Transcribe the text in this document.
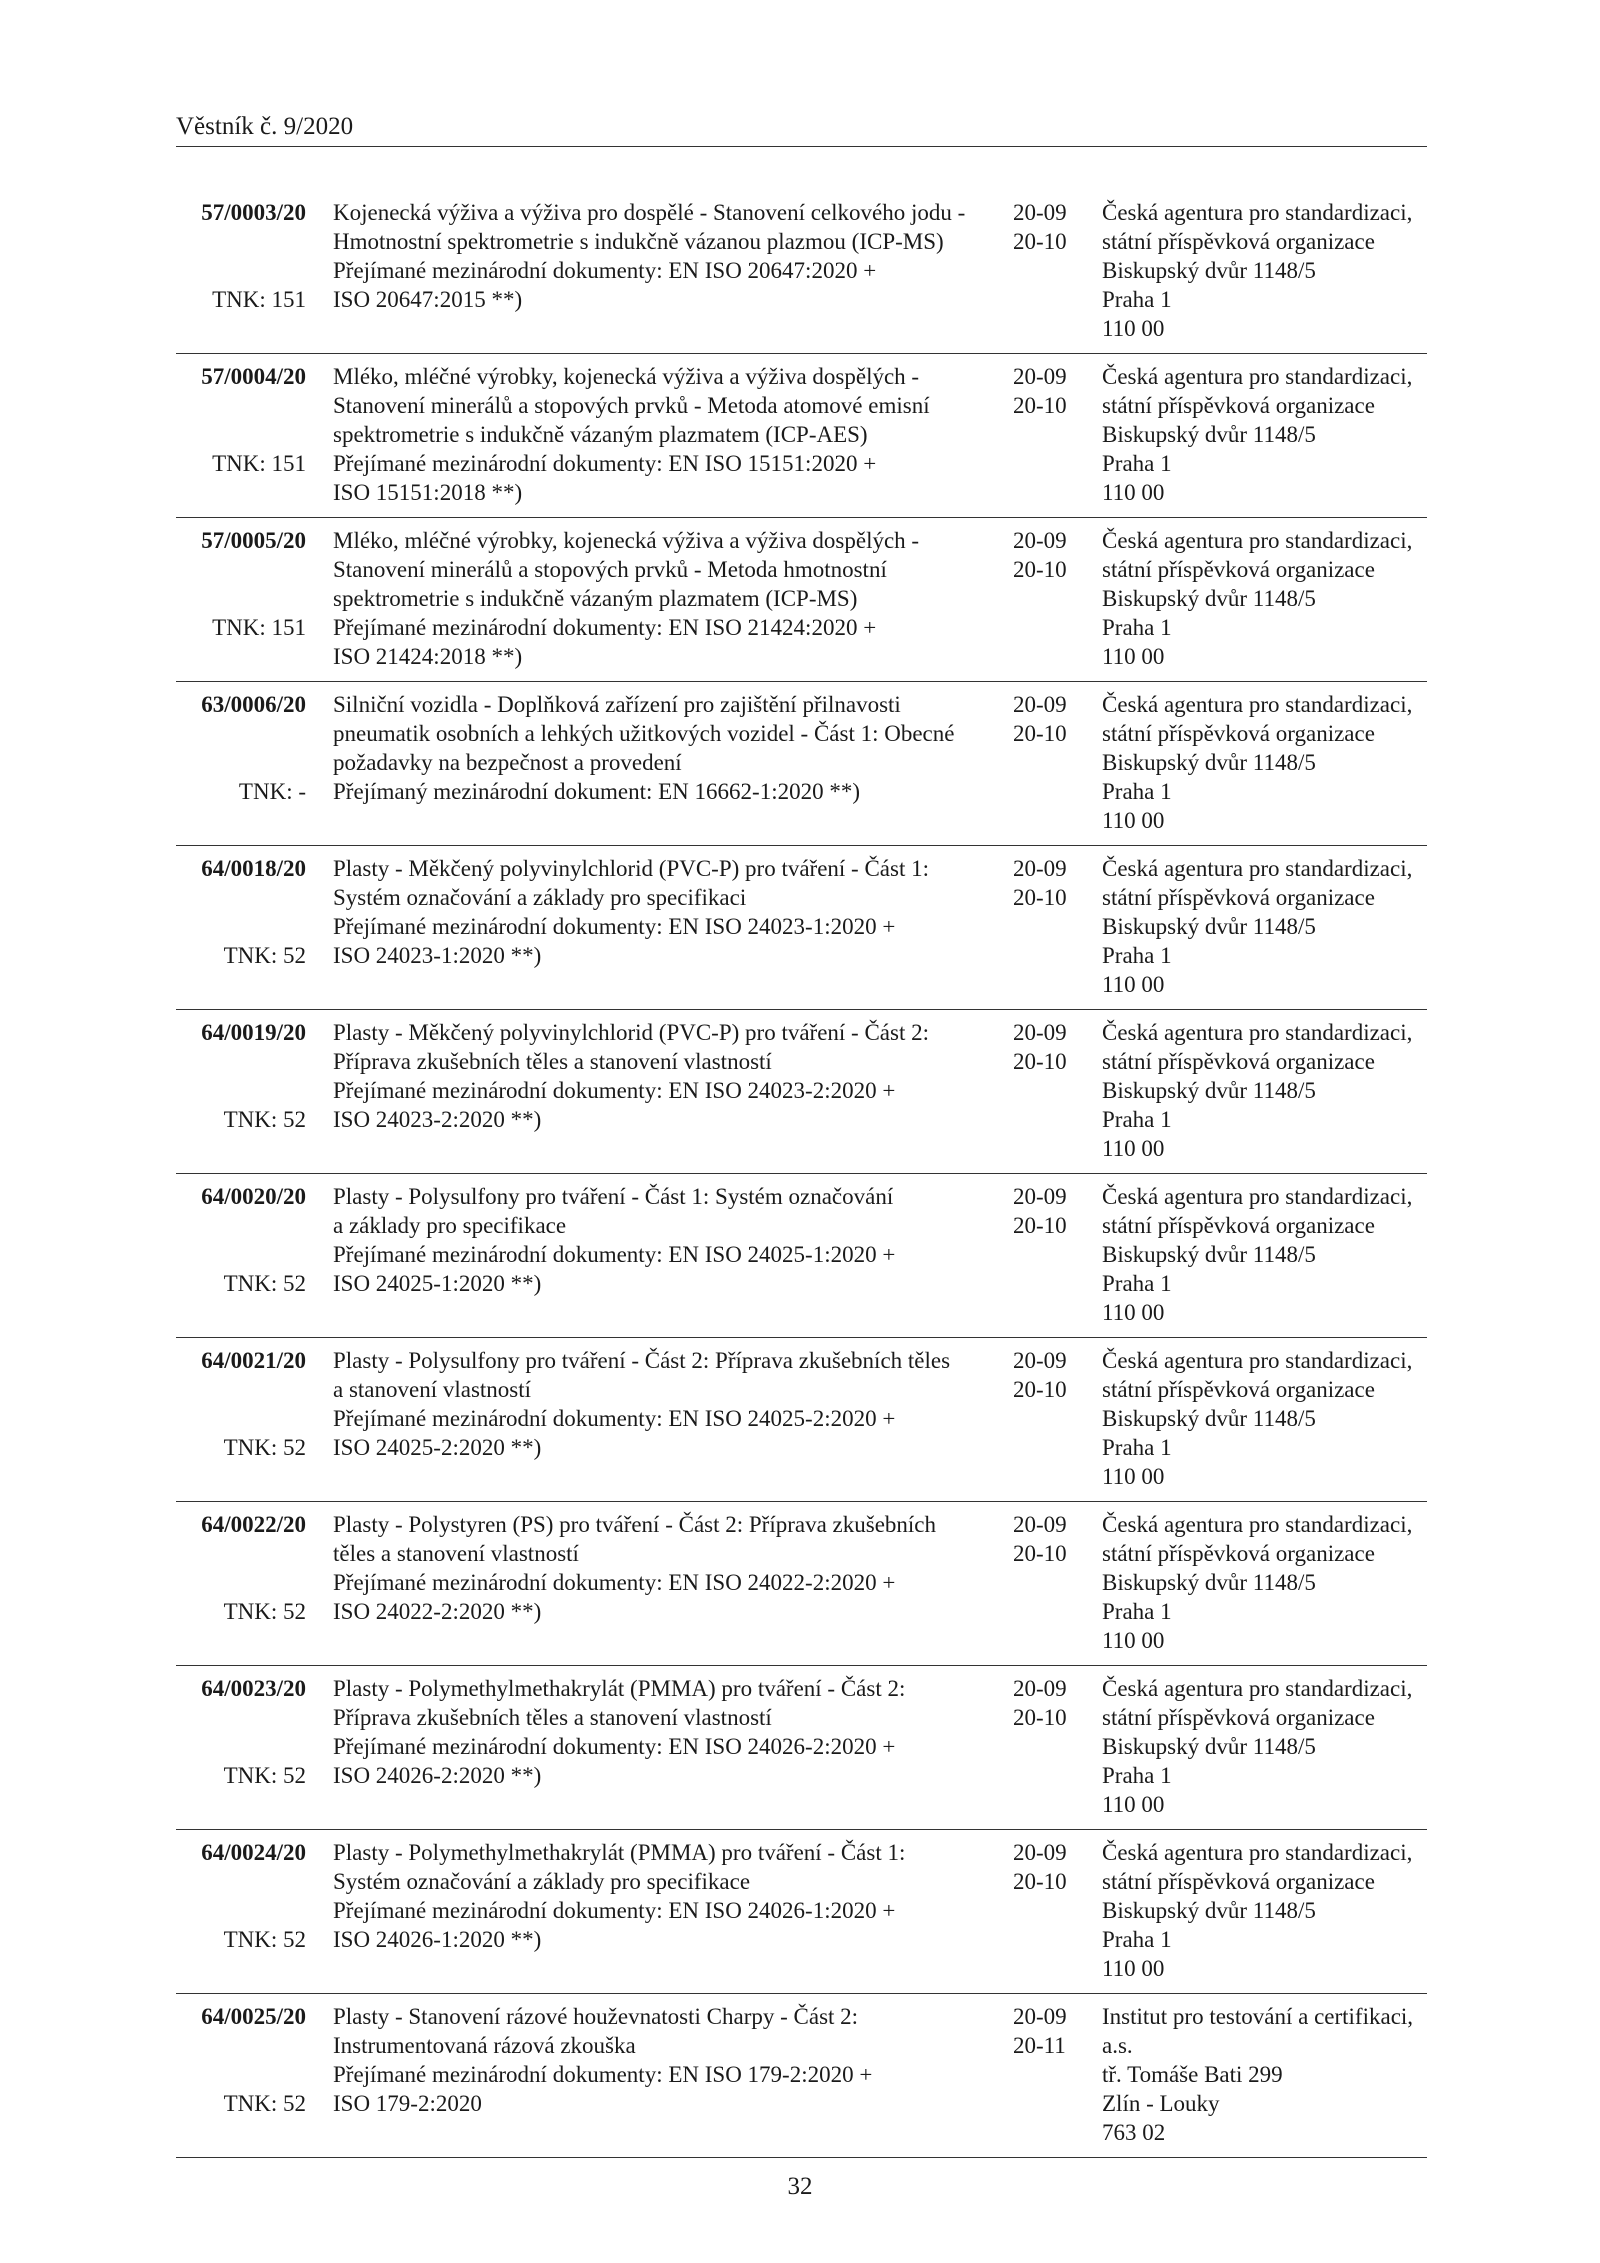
Věstník č. 9/2020
57/0003/20
TNK: 151
Kojenecká výživa a výživa pro dospělé - Stanovení celkového jodu -
Hmotnostní spektrometrie s indukčně vázanou plazmou (ICP-MS)
Přejímané mezinárodní dokumenty: EN ISO 20647:2020 +
ISO 20647:2015 **)
20-09
20-10
Česká agentura pro standardizaci,
státní příspěvková organizace
Biskupský dvůr 1148/5
Praha 1
110 00
57/0004/20
TNK: 151
Mléko, mléčné výrobky, kojenecká výživa a výživa dospělých -
Stanovení minerálů a stopových prvků - Metoda atomové emisní
spektrometrie s indukčně vázaným plazmatem (ICP-AES)
Přejímané mezinárodní dokumenty: EN ISO 15151:2020 +
ISO 15151:2018 **)
20-09
20-10
Česká agentura pro standardizaci,
státní příspěvková organizace
Biskupský dvůr 1148/5
Praha 1
110 00
57/0005/20
TNK: 151
Mléko, mléčné výrobky, kojenecká výživa a výživa dospělých -
Stanovení minerálů a stopových prvků - Metoda hmotnostní
spektrometrie s indukčně vázaným plazmatem (ICP-MS)
Přejímané mezinárodní dokumenty: EN ISO 21424:2020 +
ISO 21424:2018 **)
20-09
20-10
Česká agentura pro standardizaci,
státní příspěvková organizace
Biskupský dvůr 1148/5
Praha 1
110 00
63/0006/20
TNK: -
Silniční vozidla - Doplňková zařízení pro zajištění přilnavosti
pneumatik osobních a lehkých užitkových vozidel - Část 1: Obecné
požadavky na bezpečnost a provedení
Přejímaný mezinárodní dokument: EN 16662-1:2020 **)
20-09
20-10
Česká agentura pro standardizaci,
státní příspěvková organizace
Biskupský dvůr 1148/5
Praha 1
110 00
64/0018/20
TNK: 52
Plasty - Měkčený polyvinylchlorid (PVC-P) pro tváření - Část 1:
Systém označování a základy pro specifikaci
Přejímané mezinárodní dokumenty: EN ISO 24023-1:2020 +
ISO 24023-1:2020 **)
20-09
20-10
Česká agentura pro standardizaci,
státní příspěvková organizace
Biskupský dvůr 1148/5
Praha 1
110 00
64/0019/20
TNK: 52
Plasty - Měkčený polyvinylchlorid (PVC-P) pro tváření - Část 2:
Příprava zkušebních těles a stanovení vlastností
Přejímané mezinárodní dokumenty: EN ISO 24023-2:2020 +
ISO 24023-2:2020 **)
20-09
20-10
Česká agentura pro standardizaci,
státní příspěvková organizace
Biskupský dvůr 1148/5
Praha 1
110 00
64/0020/20
TNK: 52
Plasty - Polysulfony pro tváření - Část 1: Systém označování
a základy pro specifikace
Přejímané mezinárodní dokumenty: EN ISO 24025-1:2020 +
ISO 24025-1:2020 **)
20-09
20-10
Česká agentura pro standardizaci,
státní příspěvková organizace
Biskupský dvůr 1148/5
Praha 1
110 00
64/0021/20
TNK: 52
Plasty - Polysulfony pro tváření - Část 2: Příprava zkušebních těles
a stanovení vlastností
Přejímané mezinárodní dokumenty: EN ISO 24025-2:2020 +
ISO 24025-2:2020 **)
20-09
20-10
Česká agentura pro standardizaci,
státní příspěvková organizace
Biskupský dvůr 1148/5
Praha 1
110 00
64/0022/20
TNK: 52
Plasty - Polystyren (PS) pro tváření - Část 2: Příprava zkušebních
těles a stanovení vlastností
Přejímané mezinárodní dokumenty: EN ISO 24022-2:2020 +
ISO 24022-2:2020 **)
20-09
20-10
Česká agentura pro standardizaci,
státní příspěvková organizace
Biskupský dvůr 1148/5
Praha 1
110 00
64/0023/20
TNK: 52
Plasty - Polymethylmethakrylát (PMMA) pro tváření - Část 2:
Příprava zkušebních těles a stanovení vlastností
Přejímané mezinárodní dokumenty: EN ISO 24026-2:2020 +
ISO 24026-2:2020 **)
20-09
20-10
Česká agentura pro standardizaci,
státní příspěvková organizace
Biskupský dvůr 1148/5
Praha 1
110 00
64/0024/20
TNK: 52
Plasty - Polymethylmethakrylát (PMMA) pro tváření - Část 1:
Systém označování a základy pro specifikace
Přejímané mezinárodní dokumenty: EN ISO 24026-1:2020 +
ISO 24026-1:2020 **)
20-09
20-10
Česká agentura pro standardizaci,
státní příspěvková organizace
Biskupský dvůr 1148/5
Praha 1
110 00
64/0025/20
TNK: 52
Plasty - Stanovení rázové houževnatosti Charpy - Část 2:
Instrumentovaná rázová zkouška
Přejímané mezinárodní dokumenty: EN ISO 179-2:2020 +
ISO 179-2:2020
20-09
20-11
Institut pro testování a certifikaci,
a.s.
tř. Tomáše Bati 299
Zlín - Louky
763 02
32
